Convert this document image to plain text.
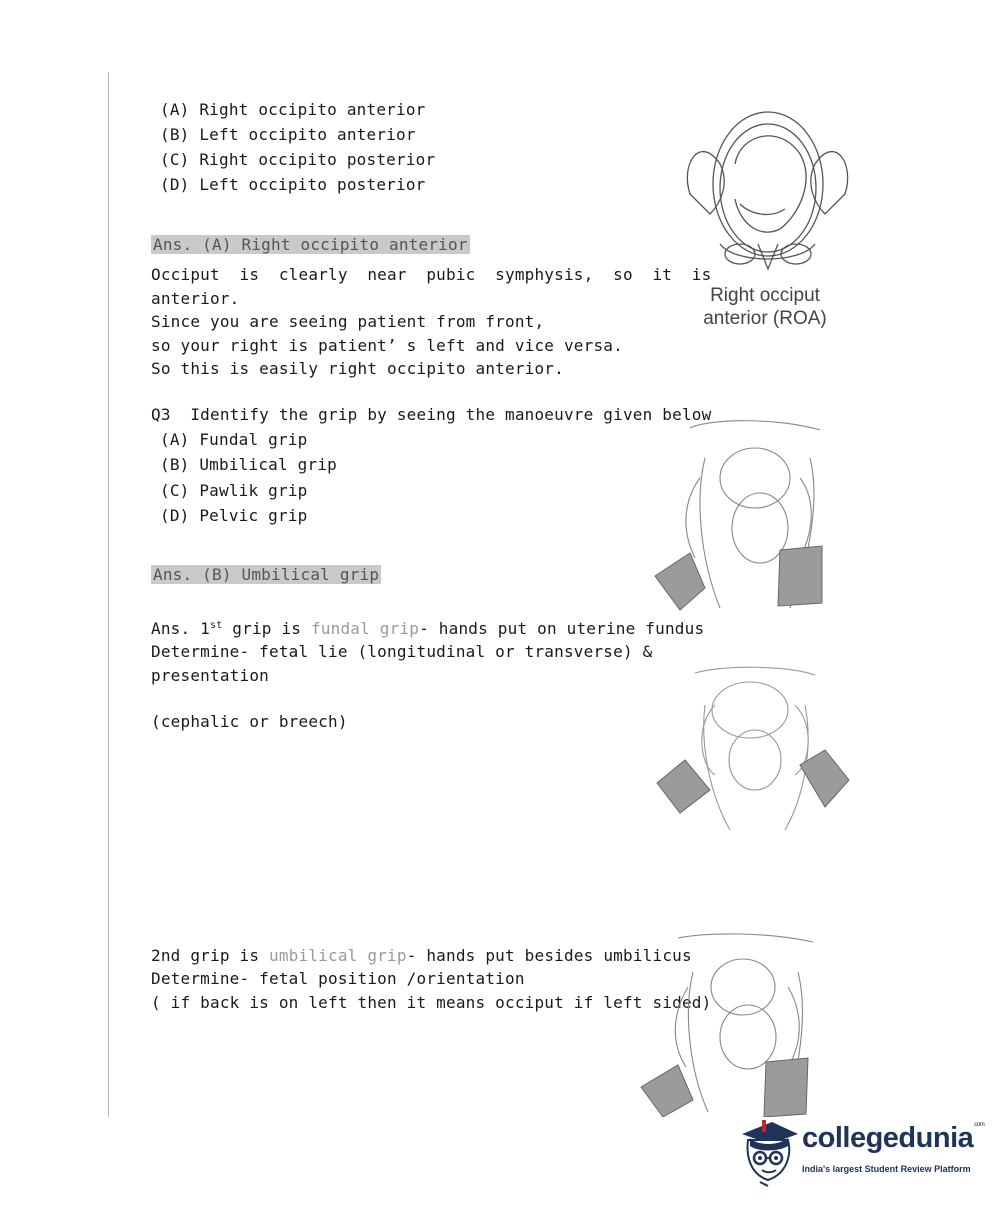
(A) Right occipito anterior
(B) Left occipito anterior
(C) Right occipito posterior
(D) Left occipito posterior
Ans. (A) Right occipito anterior
Occiput  is  clearly  near  pubic  symphysis,  so  it  is
anterior.
Since you are seeing patient from front,
so your right is patient’ s left and vice versa.
So this is easily right occipito anterior.
Right occiput
anterior (ROA)
Q3  Identify the grip by seeing the manoeuvre given below
(A) Fundal grip
(B) Umbilical grip
(C) Pawlik grip
(D) Pelvic grip
Ans. (B) Umbilical grip
Ans. 1st grip is fundal grip- hands put on uterine fundus
Determine- fetal lie (longitudinal or transverse) &
presentation
(cephalic or breech)
2nd grip is umbilical grip- hands put besides umbilicus
Determine- fetal position /orientation
( if back is on left then it means occiput if left sided)
collegedunia$^{.com}$
India's largest Student Review Platform
